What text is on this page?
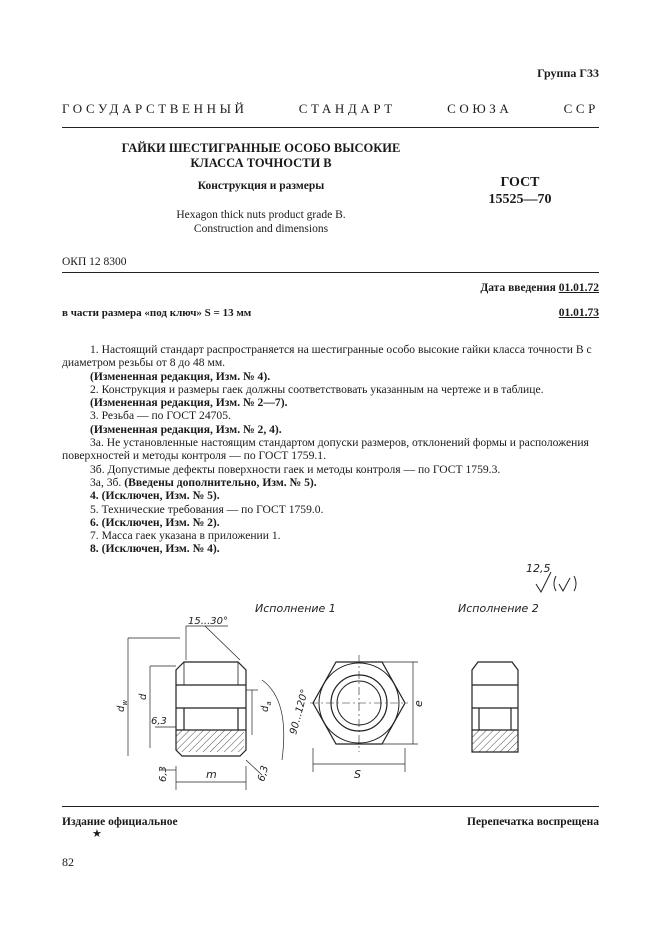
Группа Г33
ГОСУДАРСТВЕННЫЙ	СТАНДАРТ	СОЮЗА	ССР
ГАЙКИ ШЕСТИГРАННЫЕ ОСОБО ВЫСОКИЕ
КЛАССА ТОЧНОСТИ В
Конструкция и размеры
Hexagon thick nuts product grade B.
Construction and dimensions
ГОСТ
15525—70
ОКП 12 8300
Дата введения 01.01.72
в части размера «под ключ» S = 13 мм	01.01.73

1. Настоящий стандарт распространяется на шестигранные особо высокие гайки класса точности В с диаметром резьбы от 8 до 48 мм.

(Измененная редакция, Изм. № 4).

2. Конструкция и размеры гаек должны соответствовать указанным на чертеже и в таблице.

(Измененная редакция, Изм. № 2—7).

3. Резьба — по ГОСТ 24705.

(Измененная редакция, Изм. № 2, 4).

3а. Не установленные настоящим стандартом допуски размеров, отклонений формы и расположения поверхностей и методы контроля — по ГОСТ 1759.1.

3б. Допустимые дефекты поверхности гаек и методы контроля — по ГОСТ 1759.3.

3а, 3б. (Введены дополнительно, Изм. № 5).

4. (Исключен, Изм. № 5).

5. Технические требования — по ГОСТ 1759.0.

6. (Исключен, Изм. № 2).

7. Масса гаек указана в приложении 1.

8. (Исключен, Изм. № 4).

12,5
Исполнение 1	Исполнение 2
15...30°
$d_w$
d
$d_a$ 90...120°
6,3
6,3	6,3
m	S
e
Издание официальное
★
Перепечатка воспрещена
82
